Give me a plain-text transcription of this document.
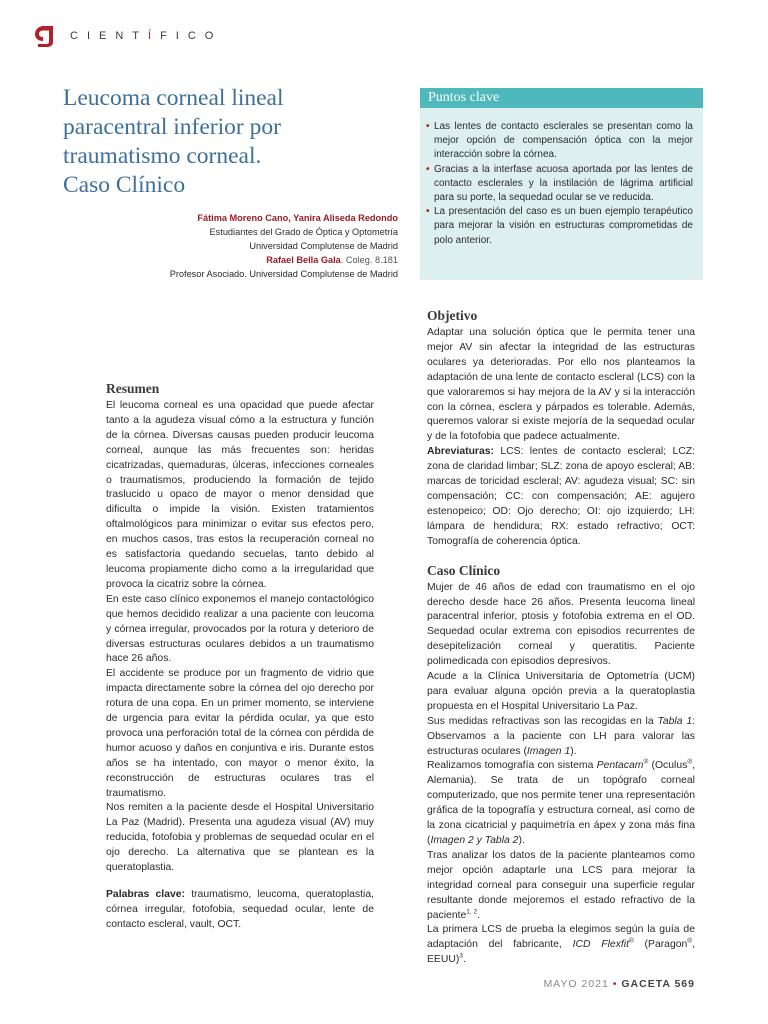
CIENTÍFICO
Leucoma corneal lineal
paracentral inferior por
traumatismo corneal.
Caso Clínico
Fátima Moreno Cano, Yanira Aliseda Redondo
Estudiantes del Grado de Óptica y Optometría
Universidad Complutense de Madrid
Rafael Bella Gala. Coleg. 8.181
Profesor Asociado. Universidad Complutense de Madrid
Puntos clave
• Las lentes de contacto esclerales se presentan como la mejor opción de compensación óptica con la mejor interacción sobre la córnea.
• Gracias a la interfase acuosa aportada por las lentes de contacto esclerales y la instilación de lágrima artificial para su porte, la sequedad ocular se ve reducida.
• La presentación del caso es un buen ejemplo terapéutico para mejorar la visión en estructuras comprometidas de polo anterior.
Resumen

El leucoma corneal es una opacidad que puede afectar tanto a la agudeza visual cómo a la estructura y función de la córnea. Diversas causas pueden producir leucoma corneal, aunque las más frecuentes son: heridas cicatrizadas, quemaduras, úlceras, infecciones corneales o traumatismos, produciendo la formación de tejido traslucido u opaco de mayor o menor densidad que dificulta o impide la visión. Existen tratamientos oftalmológicos para minimizar o evitar sus efectos pero, en muchos casos, tras estos la recuperación corneal no es satisfactoria quedando secuelas, tanto debido al leucoma propiamente dicho como a la irregularidad que provoca la cicatriz sobre la córnea.

En este caso clínico exponemos el manejo contactológico que hemos decidido realizar a una paciente con leucoma y córnea irregular, provocados por la rotura y deterioro de diversas estructuras oculares debidos a un traumatismo hace 26 años.

El accidente se produce por un fragmento de vidrio que impacta directamente sobre la córnea del ojo derecho por rotura de una copa. En un primer momento, se interviene de urgencia para evitar la pérdida ocular, ya que esto provoca una perforación total de la córnea con pérdida de humor acuoso y daños en conjuntiva e iris. Durante estos años se ha intentado, con mayor o menor éxito, la reconstrucción de estructuras oculares tras el traumatismo.

Nos remiten a la paciente desde el Hospital Universitario La Paz (Madrid). Presenta una agudeza visual (AV) muy reducida, fotofobia y problemas de sequedad ocular en el ojo derecho. La alternativa que se plantean es la queratoplastia.

Palabras clave: traumatismo, leucoma, queratoplastia, córnea irregular, fotofobia, sequedad ocular, lente de contacto escleral, vault, OCT.

Objetivo

Adaptar una solución óptica que le permita tener una mejor AV sin afectar la integridad de las estructuras oculares ya deterioradas. Por ello nos planteamos la adaptación de una lente de contacto escleral (LCS) con la que valoraremos si hay mejora de la AV y si la interacción con la córnea, esclera y párpados es tolerable. Además, queremos valorar si existe mejoría de la sequedad ocular y de la fotofobia que padece actualmente.

Abreviaturas: LCS: lentes de contacto escleral; LCZ: zona de claridad limbar; SLZ: zona de apoyo escleral; AB: marcas de toricidad escleral; AV: agudeza visual; SC: sin compensación; CC: con compensación; AE: agujero estenopeico; OD: Ojo derecho; OI: ojo izquierdo; LH: lámpara de hendidura; RX: estado refractivo; OCT: Tomografía de coherencia óptica.

Caso Clínico

Mujer de 46 años de edad con traumatismo en el ojo derecho desde hace 26 años. Presenta leucoma lineal paracentral inferior, ptosis y fotofobia extrema en el OD. Sequedad ocular extrema con episodios recurrentes de desepitelización corneal y queratitis. Paciente polimedicada con episodios depresivos.

Acude a la Clínica Universitaria de Optometría (UCM) para evaluar alguna opción previa a la queratoplastia propuesta en el Hospital Universitario La Paz.

Sus medidas refractivas son las recogidas en la Tabla 1: Observamos a la paciente con LH para valorar las estructuras oculares (Imagen 1).

Realizamos tomografía con sistema Pentacam® (Oculus®, Alemania). Se trata de un topógrafo corneal computerizado, que nos permite tener una representación gráfica de la topografía y estructura corneal, así como de la zona cicatricial y paquimetría en ápex y zona más fina (Imagen 2 y Tabla 2).

Tras analizar los datos de la paciente planteamos como mejor opción adaptarle una LCS para mejorar la integridad corneal para conseguir una superficie regular resultante donde mejoremos el estado refractivo de la paciente$^{1, 2}$.

La primera LCS de prueba la elegimos según la guía de adaptación del fabricante, ICD Flexfit® (Paragon®, EEUU)$^3$.

MAYO 2021 • GACETA 569
